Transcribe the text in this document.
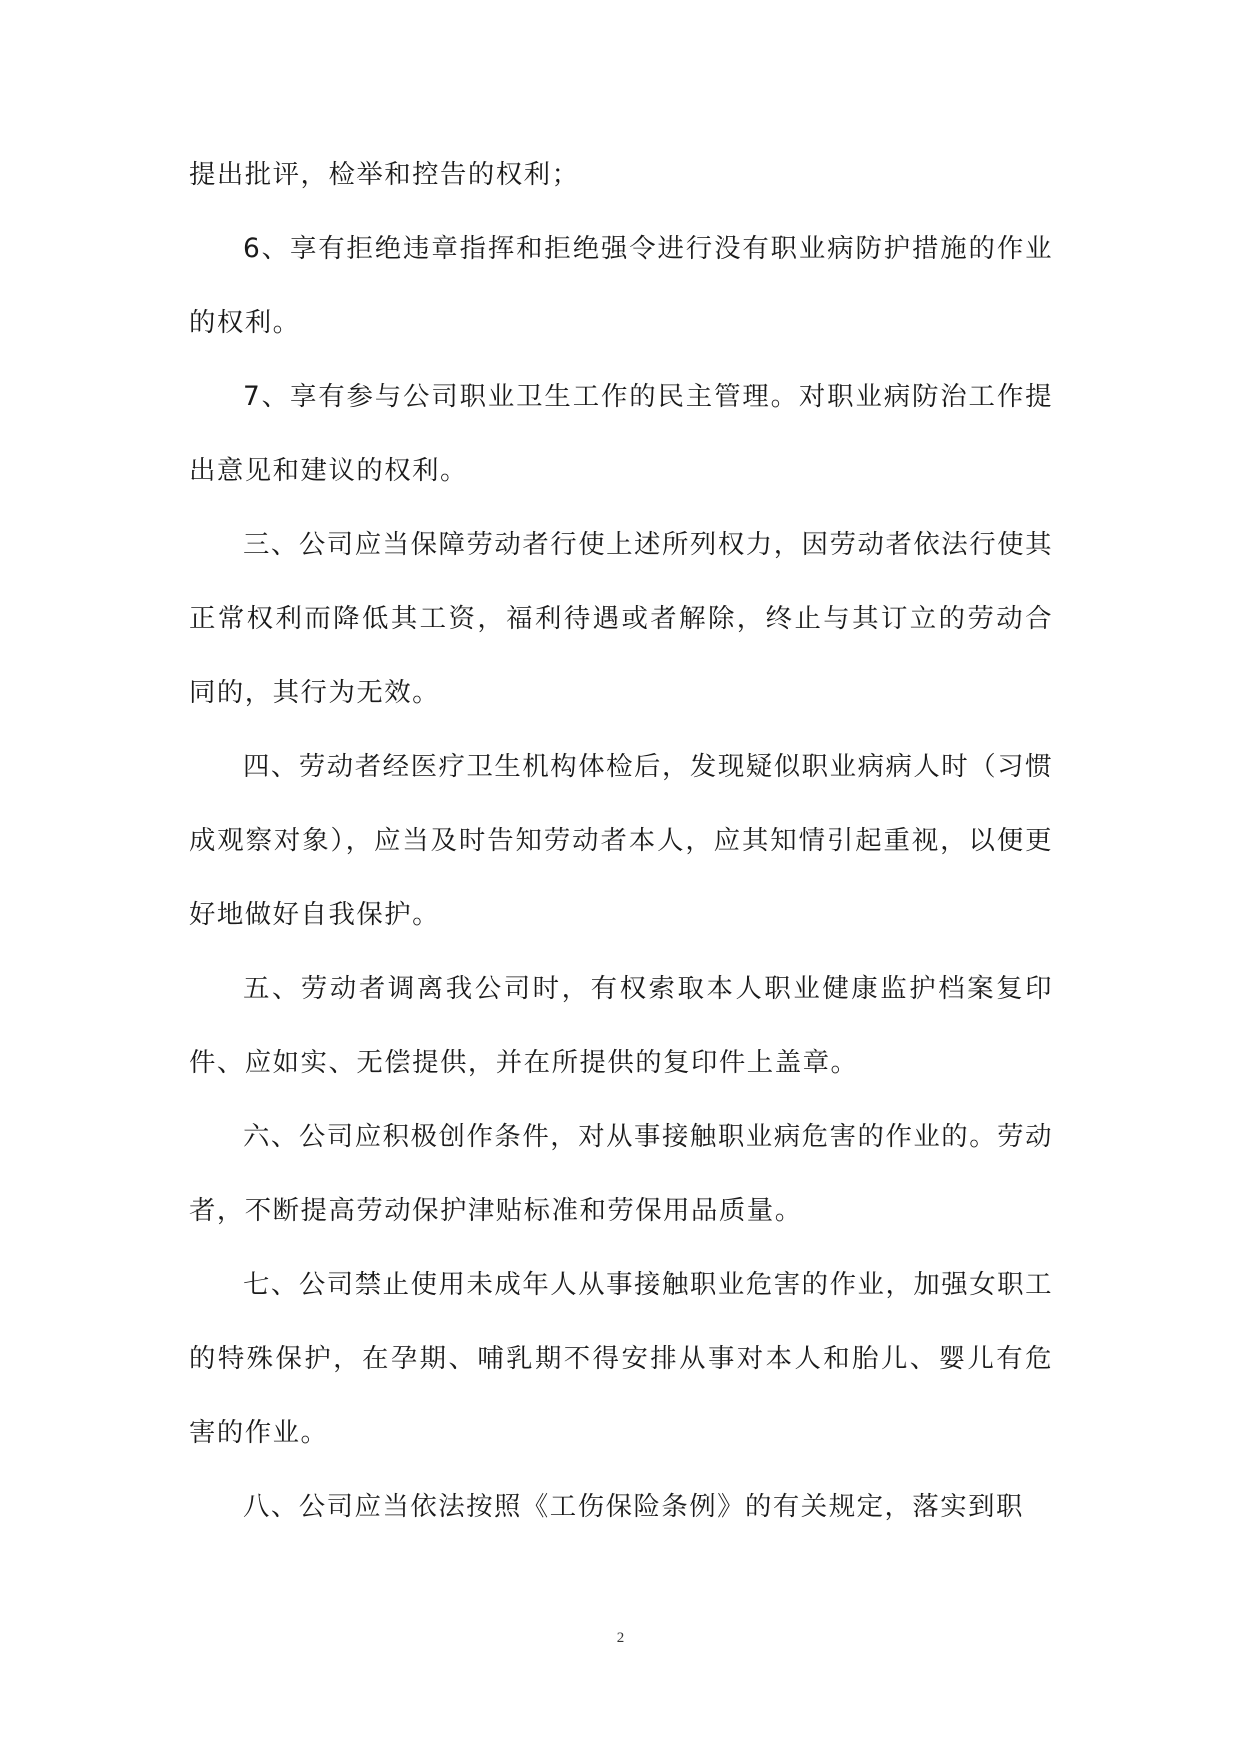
提出批评，检举和控告的权利；

6、享有拒绝违章指挥和拒绝强令进行没有职业病防护措施的作业的权利。

7、享有参与公司职业卫生工作的民主管理。对职业病防治工作提出意见和建议的权利。

三、公司应当保障劳动者行使上述所列权力，因劳动者依法行使其正常权利而降低其工资，福利待遇或者解除，终止与其订立的劳动合同的，其行为无效。

四、劳动者经医疗卫生机构体检后，发现疑似职业病病人时（习惯成观察对象），应当及时告知劳动者本人，应其知情引起重视，以便更好地做好自我保护。

五、劳动者调离我公司时，有权索取本人职业健康监护档案复印件、应如实、无偿提供，并在所提供的复印件上盖章。

六、公司应积极创作条件，对从事接触职业病危害的作业的。劳动者，不断提高劳动保护津贴标准和劳保用品质量。

七、公司禁止使用未成年人从事接触职业危害的作业，加强女职工的特殊保护，在孕期、哺乳期不得安排从事对本人和胎儿、婴儿有危害的作业。

八、公司应当依法按照《工伤保险条例》的有关规定，落实到职

2
